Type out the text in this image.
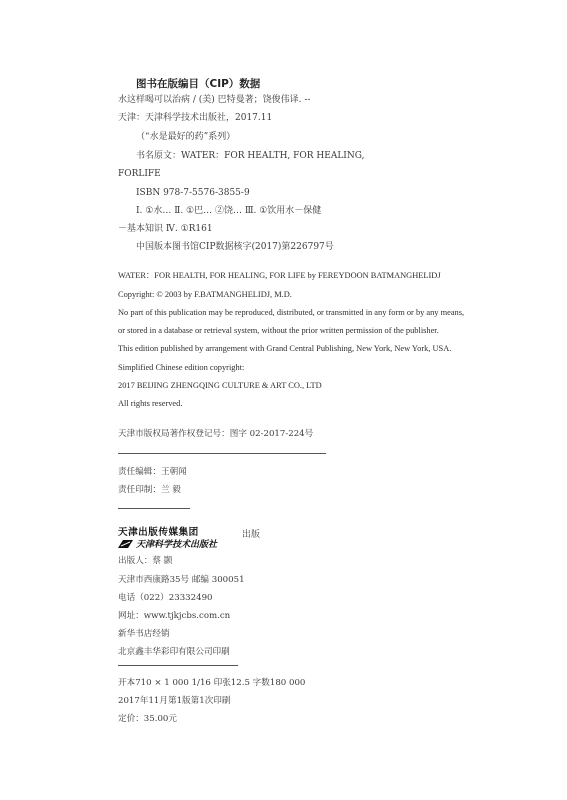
图书在版编目（CIP）数据
水这样喝可以治病 / (美) 巴特曼著；饶俊伟译. --
天津：天津科学技术出版社，2017.11
（“水是最好的药”系列）
书名原文：WATER：FOR HEALTH, FOR HEALING,
FORLIFE
ISBN 978-7-5576-3855-9
Ⅰ. ①水… Ⅱ. ①巴… ②饶… Ⅲ. ①饮用水－保健
－基本知识 Ⅳ. ①R161
中国版本图书馆CIP数据核字(2017)第226797号
WATER：FOR HEALTH, FOR HEALING, FOR LIFE by FEREYDOON BATMANGHELIDJ
Copyright: © 2003 by F.BATMANGHELIDJ, M.D.
No part of this publication may be reproduced, distributed, or transmitted in any form or by any means,
or stored in a database or retrieval system, without the prior written permission of the publisher.
This edition published by arrangement with Grand Central Publishing, New York, New York, USA.
Simplified Chinese edition copyright:
2017 BEIJING ZHENGQING CULTURE & ART CO., LTD
All rights reserved.
天津市版权局著作权登记号：图字 02-2017-224号
责任编辑：王朝闻
责任印制：兰 毅
天津出版传媒集团
天津科学技术出版社
出版
出版人：蔡 颢
天津市西康路35号 邮编 300051
电话（022）23332490
网址：www.tjkjcbs.com.cn
新华书店经销
北京鑫丰华彩印有限公司印刷
开本710 × 1 000 1/16 印张12.5 字数180 000
2017年11月第1版第1次印刷
定价：35.00元
